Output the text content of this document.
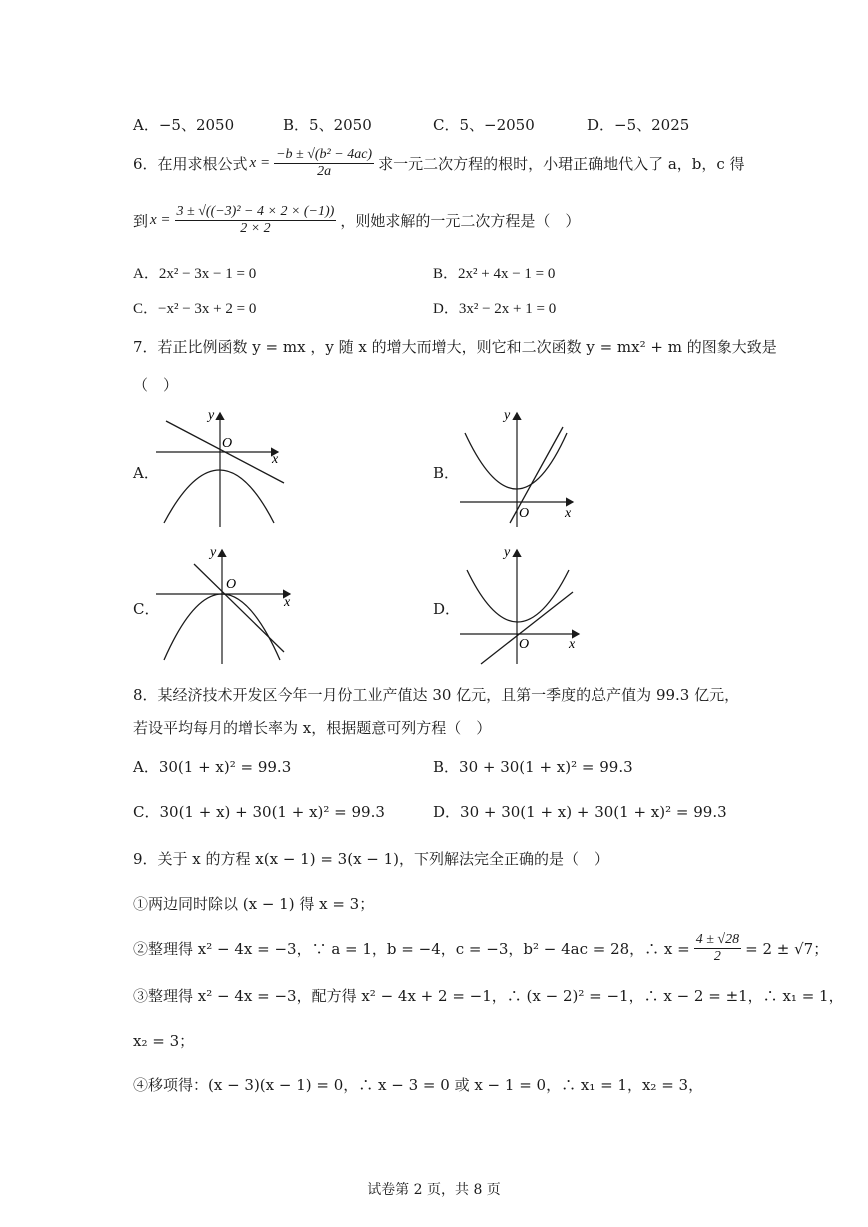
A．−5、2050	B．5、2050	C．5、−2050	D．−5、2025
6．在用求根公式 $x = \frac{\text{−b ± √(b² − 4ac)}}{2a}$ 求一元二次方程的根时，小珺正确地代入了 a，b，c 得
到 $x = \frac{\text{3 ± √((−3)² − 4 × 2 × (−1))}}{2 \times 2}$ ，则她求解的一元二次方程是（　）
A．2x² − 3x − 1 = 0	B．2x² + 4x − 1 = 0
C．−x² − 3x + 2 = 0	D．3x² − 2x + 1 = 0
7．若正比例函数 y = mx ，y 随 x 的增大而增大，则它和二次函数 y = mx² + m 的图象大致是
（　）
A．
y
O
x
B．
y
O	x
C．
y
O
x	D．
y
O	x
8．某经济技术开发区今年一月份工业产值达 30 亿元，且第一季度的总产值为 99.3 亿元，
若设平均每月的增长率为 x，根据题意可列方程（　）
A．30(1 + x)² = 99.3	B．30 + 30(1 + x)² = 99.3
C．30(1 + x) + 30(1 + x)² = 99.3	D．30 + 30(1 + x) + 30(1 + x)² = 99.3
9．关于 x 的方程 x(x − 1) = 3(x − 1)，下列解法完全正确的是（　）
①两边同时除以 (x − 1) 得 x = 3；
②整理得 x² − 4x = −3，∵ a = 1，b = −4，c = −3，b² − 4ac = 28，∴ $x = \frac{4 \pm √28}{2} = 2 \pm √7$；
③整理得 x² − 4x = −3，配方得 x² − 4x + 2 = −1，∴ (x − 2)² = −1，∴ x − 2 = ±1，∴ x₁ = 1，
x₂ = 3；
④移项得：(x − 3)(x − 1) = 0，∴ x − 3 = 0 或 x − 1 = 0，∴ x₁ = 1，x₂ = 3，
试卷第 2 页，共 8 页
